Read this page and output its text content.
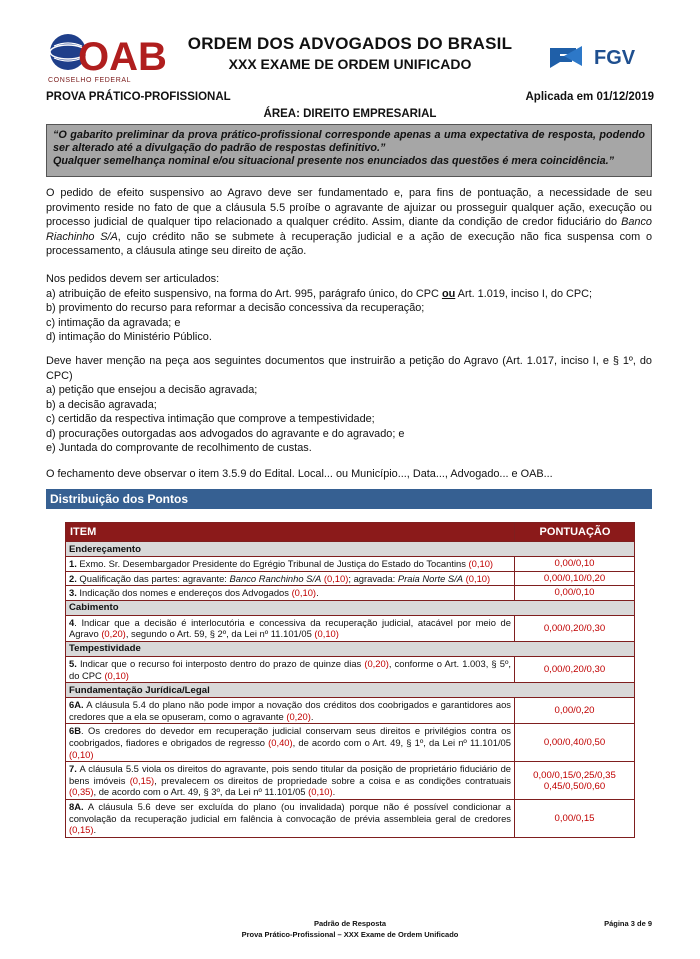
OAB
CONSELHO FEDERAL
ORDEM DOS ADVOGADOS DO BRASIL
XXX EXAME DE ORDEM UNIFICADO	FGV
PROVA PRÁTICO-PROFISSIONAL	Aplicada em 01/12/2019
ÁREA: DIREITO EMPRESARIAL
“O gabarito preliminar da prova prático-profissional corresponde apenas a uma expectativa de resposta, podendo ser alterado até a divulgação do padrão de respostas definitivo.”
Qualquer semelhança nominal e/ou situacional presente nos enunciados das questões é mera coincidência.”
O pedido de efeito suspensivo ao Agravo deve ser fundamentado e, para fins de pontuação, a necessidade de seu provimento reside no fato de que a cláusula 5.5 proíbe o agravante de ajuizar ou prosseguir qualquer ação, execução ou processo judicial de qualquer tipo relacionado a qualquer crédito. Assim, diante da condição de credor fiduciário do Banco Riachinho S/A, cujo crédito não se submete à recuperação judicial e a ação de execução não fica suspensa com o processamento, a cláusula atinge seu direito de ação.
Nos pedidos devem ser articulados:
a) atribuição de efeito suspensivo, na forma do Art. 995, parágrafo único, do CPC ou Art. 1.019, inciso I, do CPC;
b) provimento do recurso para reformar a decisão concessiva da recuperação;
c) intimação da agravada; e
d) intimação do Ministério Público.
Deve haver menção na peça aos seguintes documentos que instruirão a petição do Agravo (Art. 1.017, inciso I, e § 1º, do CPC)
a) petição que ensejou a decisão agravada;
b) a decisão agravada;
c) certidão da respectiva intimação que comprove a tempestividade;
d) procurações outorgadas aos advogados do agravante e do agravado; e
e) Juntada do comprovante de recolhimento de custas.
O fechamento deve observar o item 3.5.9 do Edital. Local... ou Município..., Data..., Advogado... e OAB...
Distribuição dos Pontos
ITEM	PONTUAÇÃO
Endereçamento	
1. Exmo. Sr. Desembargador Presidente do Egrégio Tribunal de Justiça do Estado do Tocantins (0,10)	0,00/0,10
2. Qualificação das partes: agravante: Banco Ranchinho S/A (0,10); agravada: Praia Norte S/A (0,10)	0,00/0,10/0,20
3. Indicação dos nomes e endereços dos Advogados (0,10).	0,00/0,10
Cabimento	
4. Indicar que a decisão é interlocutória e concessiva da recuperação judicial, atacável por meio de Agravo (0,20), segundo o Art. 59, § 2º, da Lei nº 11.101/05 (0,10)	0,00/0,20/0,30
Tempestividade	
5. Indicar que o recurso foi interposto dentro do prazo de quinze dias (0,20), conforme o Art. 1.003, § 5º, do CPC (0,10)	0,00/0,20/0,30
Fundamentação Jurídica/Legal	
6A. A cláusula 5.4 do plano não pode impor a novação dos créditos dos coobrigados e garantidores aos credores que a ela se opuseram, como o agravante (0,20).	0,00/0,20
6B. Os credores do devedor em recuperação judicial conservam seus direitos e privilégios contra os coobrigados, fiadores e obrigados de regresso (0,40), de acordo com o Art. 49, § 1º, da Lei nº 11.101/05 (0,10)	0,00/0,40/0,50
7. A cláusula 5.5 viola os direitos do agravante, pois sendo titular da posição de proprietário fiduciário de bens imóveis (0,15), prevalecem os direitos de propriedade sobre a coisa e as condições contratuais (0,35), de acordo com o Art. 49, § 3º, da Lei nº 11.101/05 (0,10).	0,00/0,15/0,25/0,35
0,45/0,50/0,60

8A. A cláusula 5.6 deve ser excluída do plano (ou invalidada) porque não é possível condicionar a convolação da recuperação judicial em falência à convocação de prévia assembleia geral de credores (0,15).	0,00/0,15
Padrão de Resposta
Prova Prático-Profissional – XXX Exame de Ordem Unificado
Página 3 de 9
